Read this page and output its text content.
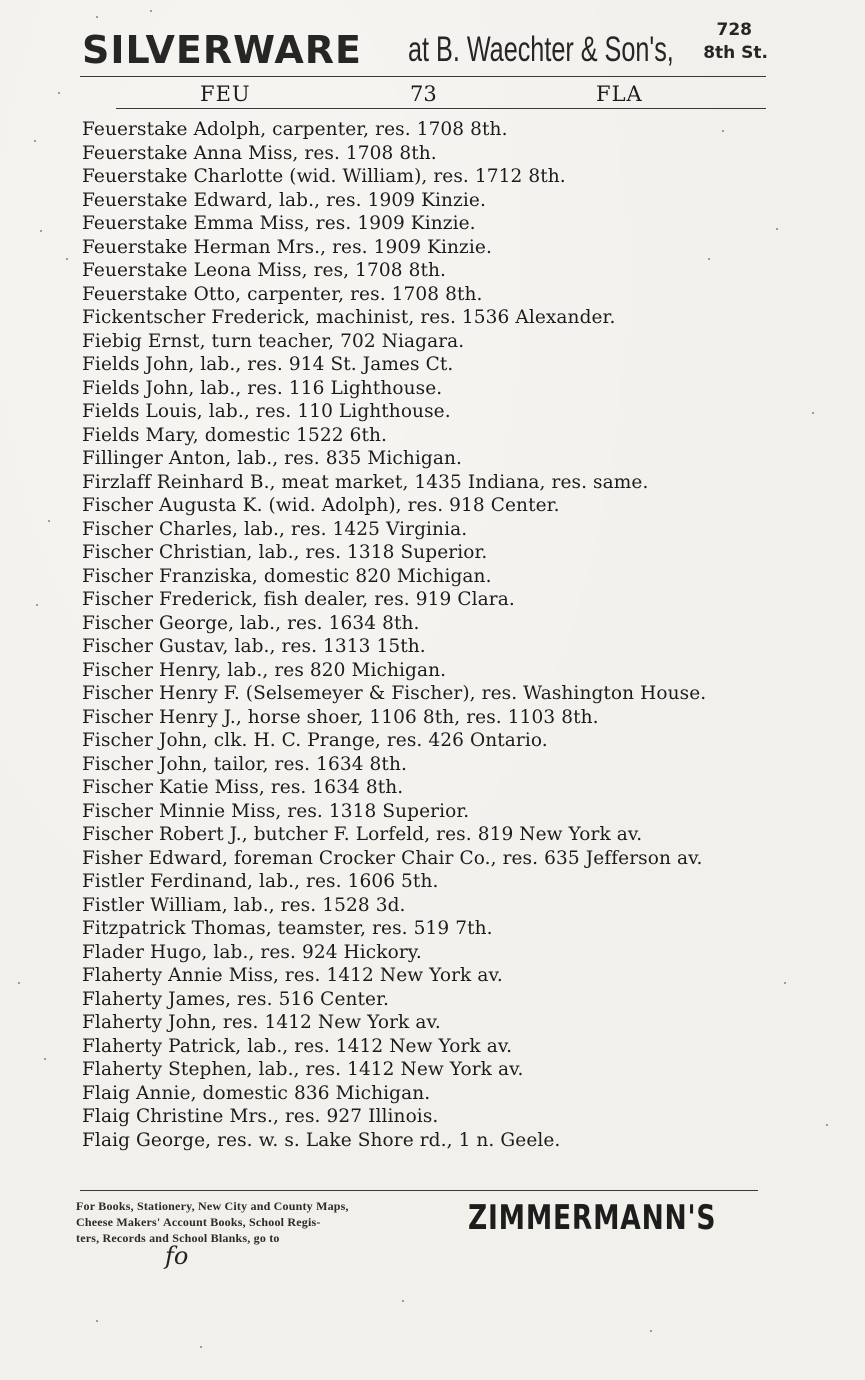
SILVERWARE at B. Waechter & Son's,	728
8th St.
FEU	73	FLA
Feuerstake Adolph, carpenter, res. 1708 8th.
Feuerstake Anna Miss, res. 1708 8th.
Feuerstake Charlotte (wid. William), res. 1712 8th.
Feuerstake Edward, lab., res. 1909 Kinzie.
Feuerstake Emma Miss, res. 1909 Kinzie.
Feuerstake Herman Mrs., res. 1909 Kinzie.
Feuerstake Leona Miss, res, 1708 8th.
Feuerstake Otto, carpenter, res. 1708 8th.
Fickentscher Frederick, machinist, res. 1536 Alexander.
Fiebig Ernst, turn teacher, 702 Niagara.
Fields John, lab., res. 914 St. James Ct.
Fields John, lab., res. 116 Lighthouse.
Fields Louis, lab., res. 110 Lighthouse.
Fields Mary, domestic 1522 6th.
Fillinger Anton, lab., res. 835 Michigan.
Firzlaff Reinhard B., meat market, 1435 Indiana, res. same.
Fischer Augusta K. (wid. Adolph), res. 918 Center.
Fischer Charles, lab., res. 1425 Virginia.
Fischer Christian, lab., res. 1318 Superior.
Fischer Franziska, domestic 820 Michigan.
Fischer Frederick, fish dealer, res. 919 Clara.
Fischer George, lab., res. 1634 8th.
Fischer Gustav, lab., res. 1313 15th.
Fischer Henry, lab., res 820 Michigan.
Fischer Henry F. (Selsemeyer & Fischer), res. Washington House.
Fischer Henry J., horse shoer, 1106 8th, res. 1103 8th.
Fischer John, clk. H. C. Prange, res. 426 Ontario.
Fischer John, tailor, res. 1634 8th.
Fischer Katie Miss, res. 1634 8th.
Fischer Minnie Miss, res. 1318 Superior.
Fischer Robert J., butcher F. Lorfeld, res. 819 New York av.
Fisher Edward, foreman Crocker Chair Co., res. 635 Jefferson av.
Fistler Ferdinand, lab., res. 1606 5th.
Fistler William, lab., res. 1528 3d.
Fitzpatrick Thomas, teamster, res. 519 7th.
Flader Hugo, lab., res. 924 Hickory.
Flaherty Annie Miss, res. 1412 New York av.
Flaherty James, res. 516 Center.
Flaherty John, res. 1412 New York av.
Flaherty Patrick, lab., res. 1412 New York av.
Flaherty Stephen, lab., res. 1412 New York av.
Flaig Annie, domestic 836 Michigan.
Flaig Christine Mrs., res. 927 Illinois.
Flaig George, res. w. s. Lake Shore rd., 1 n. Geele.
For Books, Stationery, New City and County Maps,
Cheese Makers' Account Books, School Regis-
ters, Records and School Blanks, go to	ZIMMERMANN'S
fo
